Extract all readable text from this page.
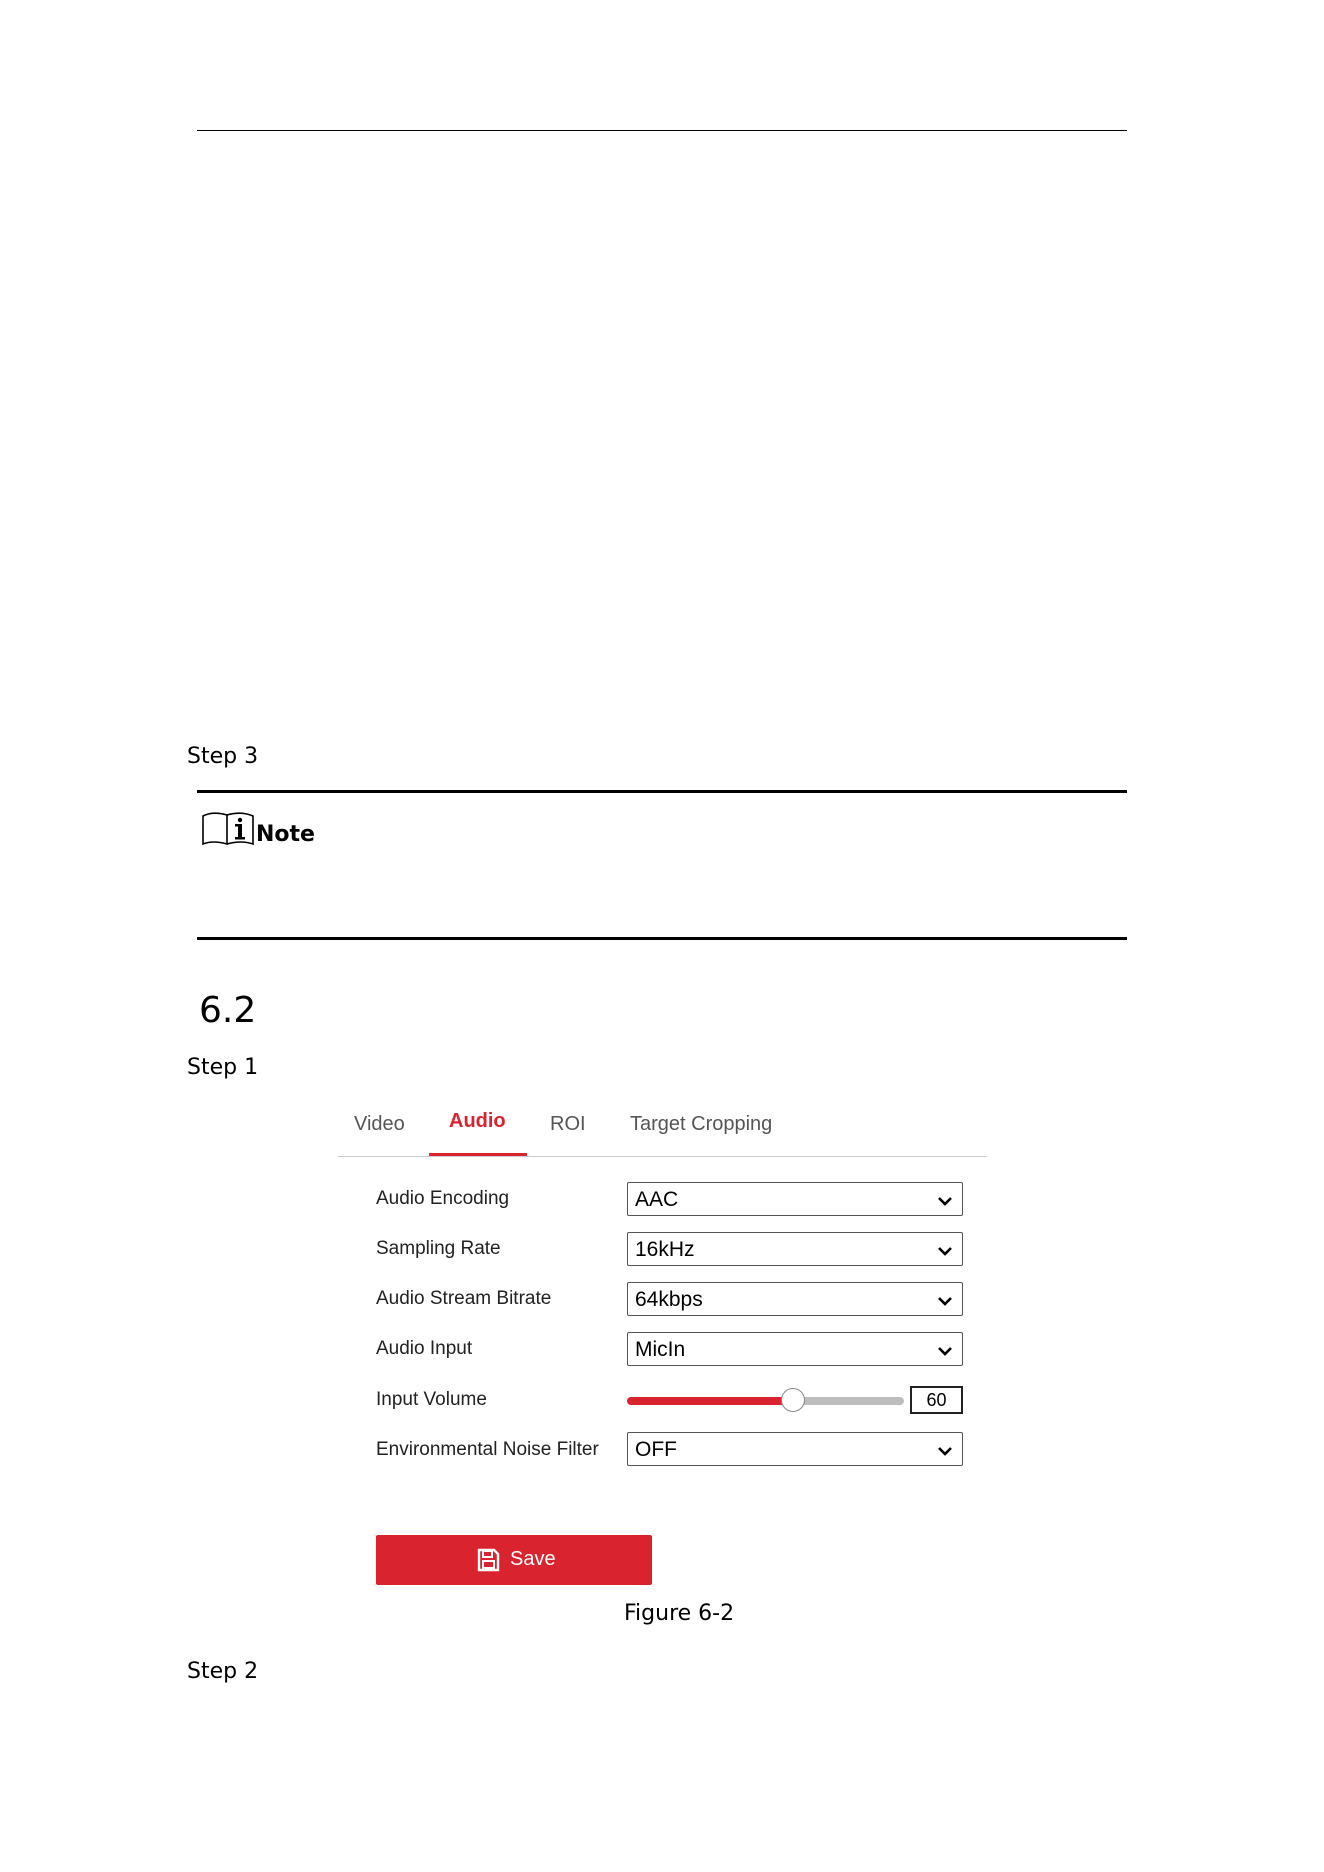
Step 3
Note
6.2
Step 1
Video Audio ROI Target Cropping
Audio Encoding	AAC
Sampling Rate	16kHz
Audio Stream Bitrate	64kbps
Audio Input	MicIn
Input Volume	60
Environmental Noise Filter OFF
Save
Figure 6-2
Step 2
